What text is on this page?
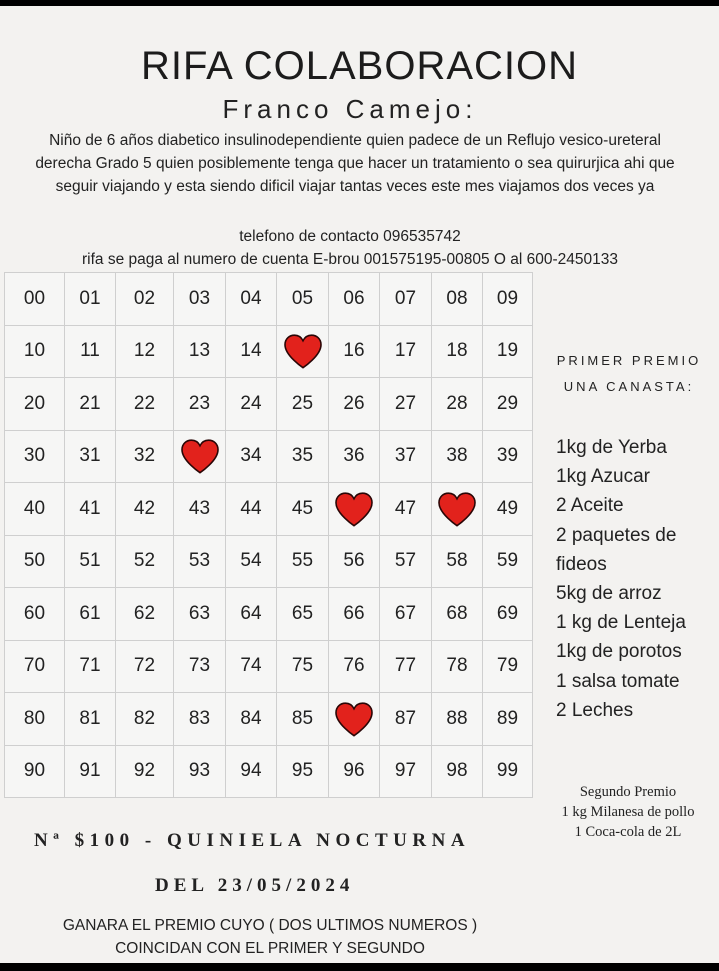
RIFA COLABORACION
Franco Camejo:
Niño de 6 años diabetico insulinodependiente quien padece de un Reflujo vesico-ureteral derecha Grado 5 quien posiblemente tenga que hacer un tratamiento o sea quirurjica ahi que seguir viajando y esta siendo dificil viajar tantas veces este mes viajamos dos veces ya
telefono de contacto 096535742
rifa se paga al numero de cuenta E-brou 001575195-00805 O al 600-2450133
00 01 02 03 04 05 06 07 08 09
10 11 12 13 14	16 17 18 19
20 21 22 23 24 25 26 27 28 29
30 31 32	34 35 36 37 38 39
40 41 42 43 44 45	47	49
50 51 52 53 54 55 56 57 58 59
60 61 62 63 64 65 66 67 68 69
70 71 72 73 74 75 76 77 78 79
80 81 82 83 84 85	87 88 89
90 91 92 93 94 95 96 97 98 99
PRIMER PREMIO
UNA CANASTA:
1kg de Yerba
1kg Azucar
2 Aceite
2 paquetes de
fideos
5kg de arroz
1 kg de Lenteja
1kg de porotos
1 salsa tomate
2 Leches
Segundo Premio
1 kg Milanesa de pollo
1 Coca-cola de 2L
Nª $100 - QUINIELA NOCTURNA
DEL 23/05/2024
GANARA EL PREMIO CUYO ( DOS ULTIMOS NUMEROS )
COINCIDAN CON EL PRIMER Y SEGUNDO
